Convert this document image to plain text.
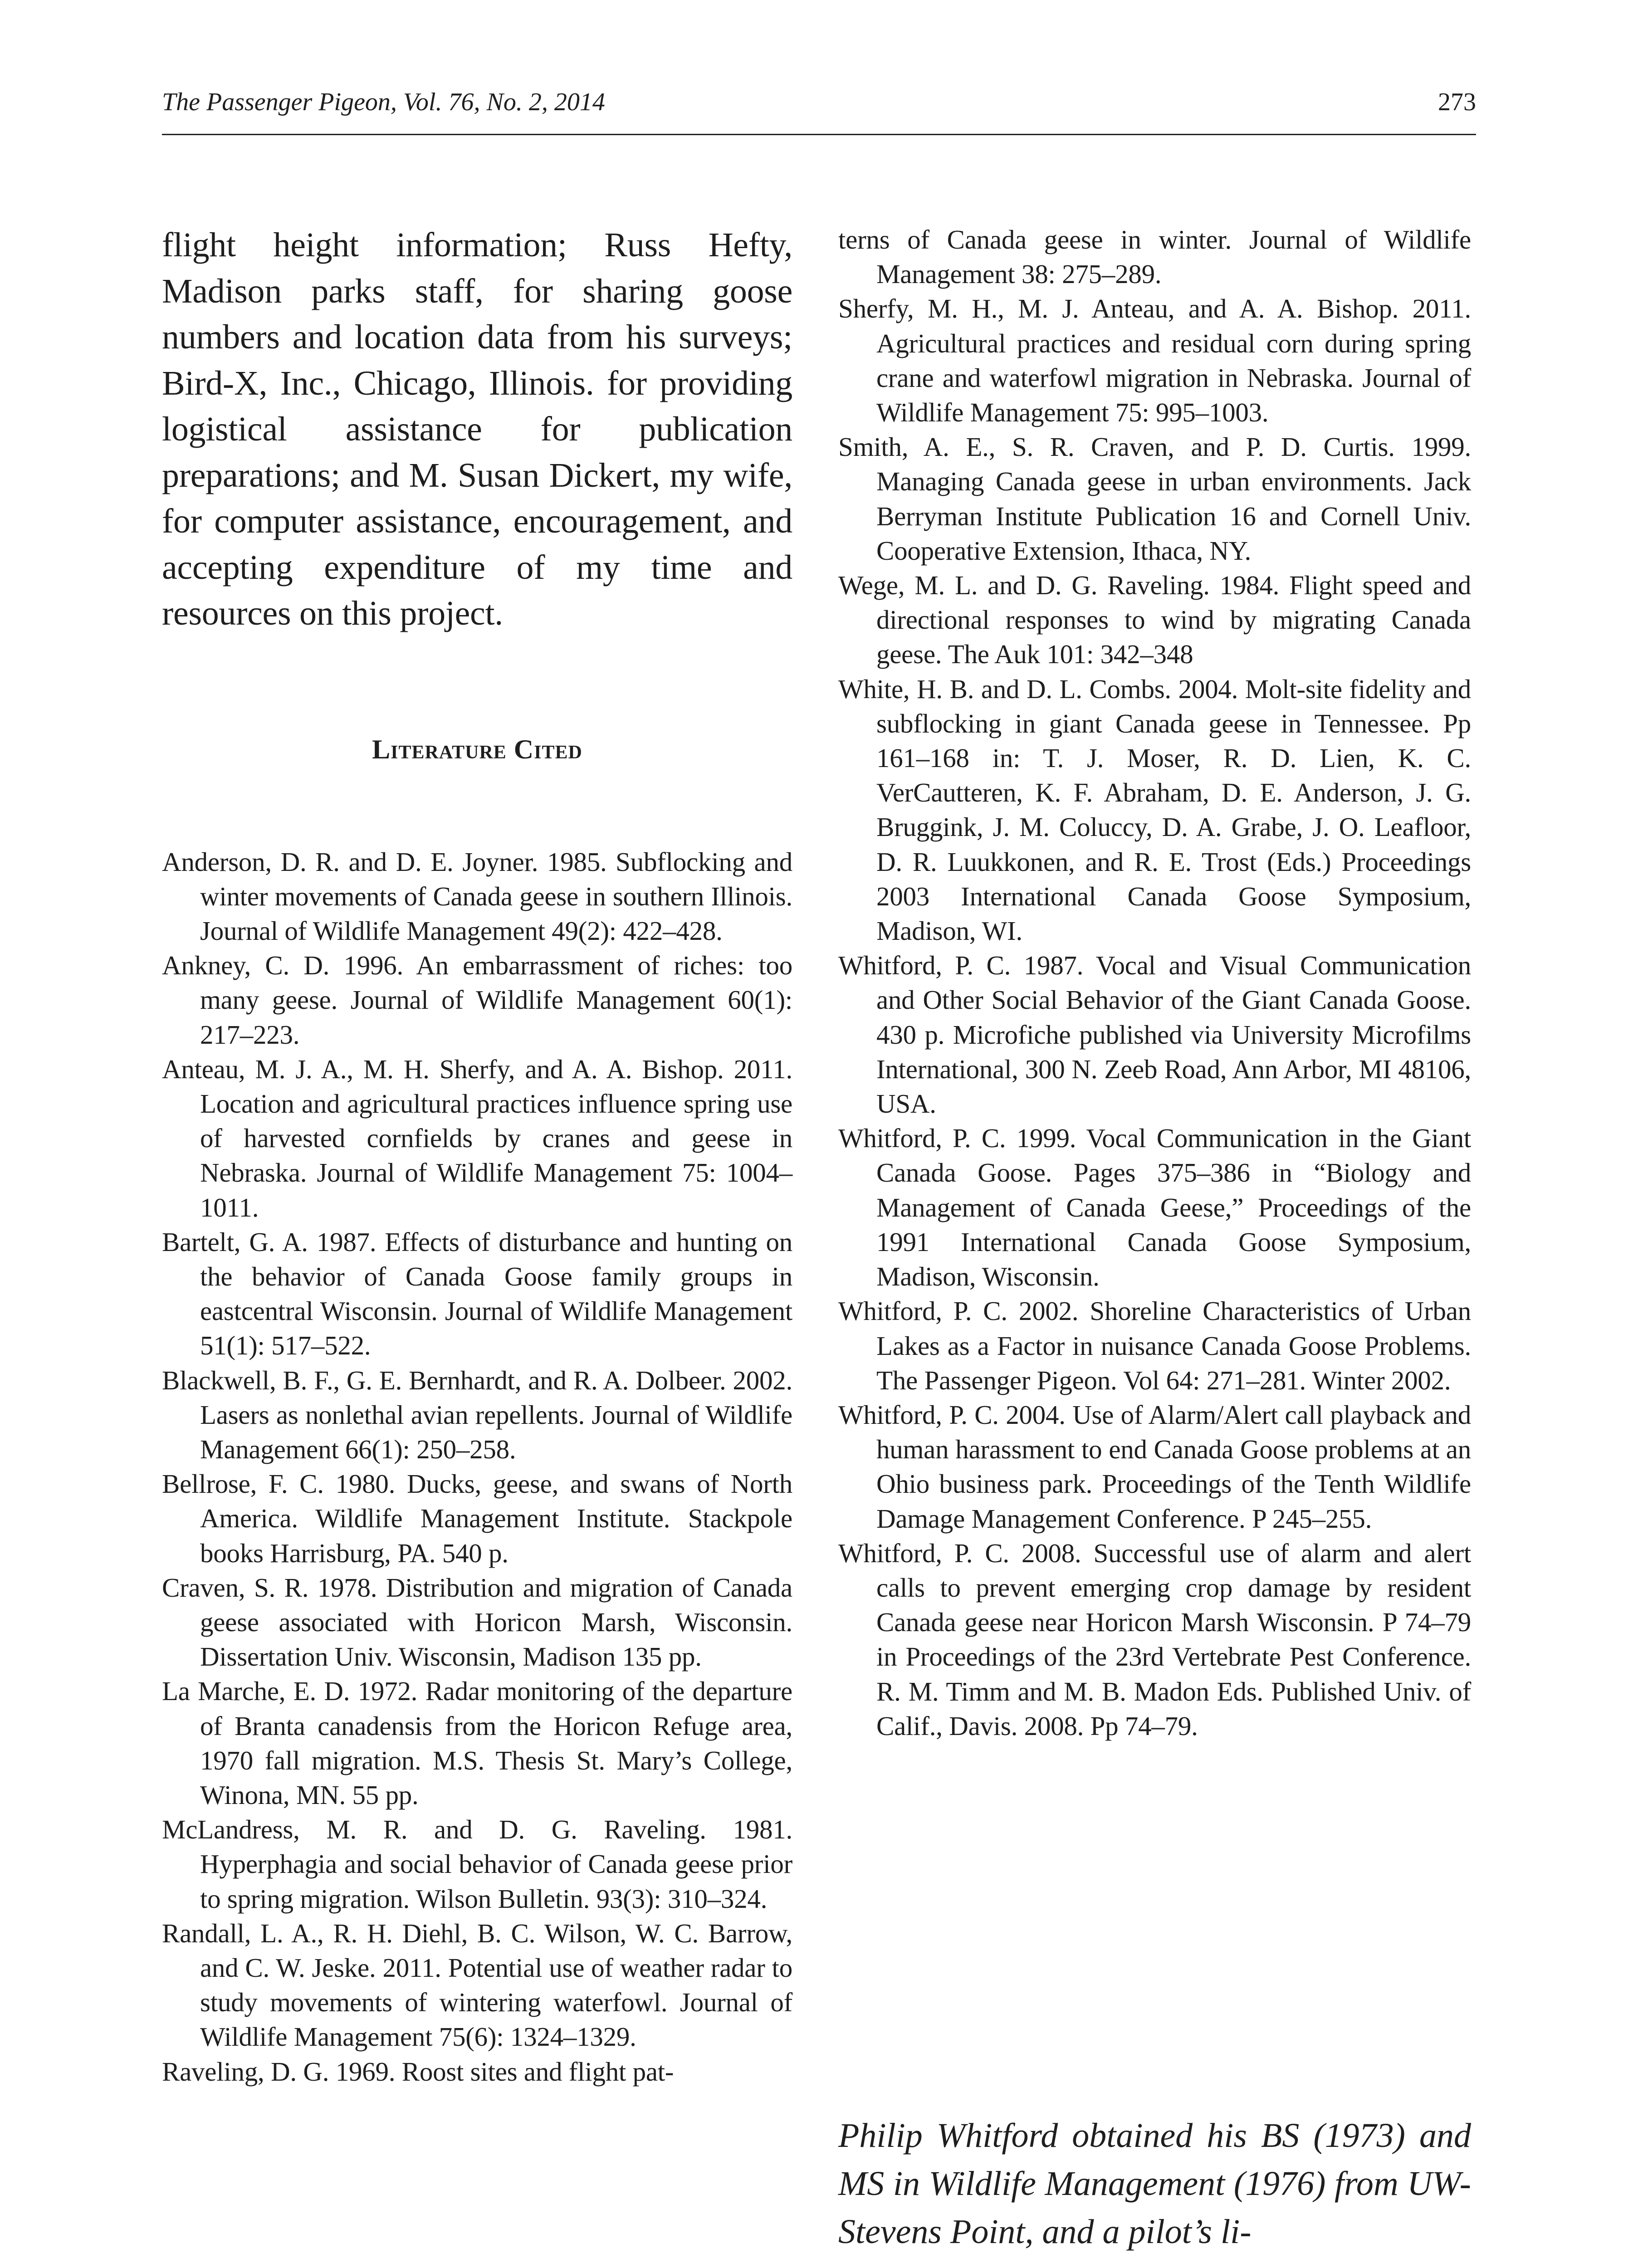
The Passenger Pigeon, Vol. 76, No. 2, 2014	273

flight height information; Russ Hefty, Madison parks staff, for sharing goose numbers and location data from his surveys; Bird-X, Inc., Chicago, Illinois. for providing logistical assistance for publication preparations; and M. Susan Dickert, my wife, for computer assistance, encouragement, and accepting expenditure of my time and resources on this project.

Literature Cited
Anderson, D. R. and D. E. Joyner. 1985. Subflocking and winter movements of Canada geese in southern Illinois. Journal of Wildlife Management 49(2): 422–428.
Ankney, C. D. 1996. An embarrassment of riches: too many geese. Journal of Wildlife Management 60(1): 217–223.
Anteau, M. J. A., M. H. Sherfy, and A. A. Bishop. 2011. Location and agricultural practices influence spring use of harvested cornfields by cranes and geese in Nebraska. Journal of Wildlife Management 75: 1004–1011.
Bartelt, G. A. 1987. Effects of disturbance and hunting on the behavior of Canada Goose family groups in eastcentral Wisconsin. Journal of Wildlife Management 51(1): 517–522.
Blackwell, B. F., G. E. Bernhardt, and R. A. Dolbeer. 2002. Lasers as nonlethal avian repellents. Journal of Wildlife Management 66(1): 250–258.
Bellrose, F. C. 1980. Ducks, geese, and swans of North America. Wildlife Management Institute. Stackpole books Harrisburg, PA. 540 p.
Craven, S. R. 1978. Distribution and migration of Canada geese associated with Horicon Marsh, Wisconsin. Dissertation Univ. Wisconsin, Madison 135 pp.
La Marche, E. D. 1972. Radar monitoring of the departure of Branta canadensis from the Horicon Refuge area, 1970 fall migration. M.S. Thesis St. Mary’s College, Winona, MN. 55 pp.
McLandress, M. R. and D. G. Raveling. 1981. Hyperphagia and social behavior of Canada geese prior to spring migration. Wilson Bulletin. 93(3): 310–324.
Randall, L. A., R. H. Diehl, B. C. Wilson, W. C. Barrow, and C. W. Jeske. 2011. Potential use of weather radar to study movements of wintering waterfowl. Journal of Wildlife Management 75(6): 1324–1329.
Raveling, D. G. 1969. Roost sites and flight pat-
terns of Canada geese in winter. Journal of Wildlife Management 38: 275–289.
Sherfy, M. H., M. J. Anteau, and A. A. Bishop. 2011. Agricultural practices and residual corn during spring crane and waterfowl migration in Nebraska. Journal of Wildlife Management 75: 995–1003.
Smith, A. E., S. R. Craven, and P. D. Curtis. 1999. Managing Canada geese in urban environments. Jack Berryman Institute Publication 16 and Cornell Univ. Cooperative Extension, Ithaca, NY.
Wege, M. L. and D. G. Raveling. 1984. Flight speed and directional responses to wind by migrating Canada geese. The Auk 101: 342–348
White, H. B. and D. L. Combs. 2004. Molt-site fidelity and subflocking in giant Canada geese in Tennessee. Pp 161–168 in: T. J. Moser, R. D. Lien, K. C. VerCautteren, K. F. Abraham, D. E. Anderson, J. G. Bruggink, J. M. Coluccy, D. A. Grabe, J. O. Leafloor, D. R. Luukkonen, and R. E. Trost (Eds.) Proceedings 2003 International Canada Goose Symposium, Madison, WI.
Whitford, P. C. 1987. Vocal and Visual Communication and Other Social Behavior of the Giant Canada Goose. 430 p. Microfiche published via University Microfilms International, 300 N. Zeeb Road, Ann Arbor, MI 48106, USA.
Whitford, P. C. 1999. Vocal Communication in the Giant Canada Goose. Pages 375–386 in “Biology and Management of Canada Geese,” Proceedings of the 1991 International Canada Goose Symposium, Madison, Wisconsin.
Whitford, P. C. 2002. Shoreline Characteristics of Urban Lakes as a Factor in nuisance Canada Goose Problems. The Passenger Pigeon. Vol 64: 271–281. Winter 2002.
Whitford, P. C. 2004. Use of Alarm/Alert call playback and human harassment to end Canada Goose problems at an Ohio business park. Proceedings of the Tenth Wildlife Damage Management Conference. P 245–255.
Whitford, P. C. 2008. Successful use of alarm and alert calls to prevent emerging crop damage by resident Canada geese near Horicon Marsh Wisconsin. P 74–79 in Proceedings of the 23rd Vertebrate Pest Conference. R. M. Timm and M. B. Madon Eds. Published Univ. of Calif., Davis. 2008. Pp 74–79.

Philip Whitford obtained his BS (1973) and MS in Wildlife Management (1976) from UW-Stevens Point, and a pilot’s li-
